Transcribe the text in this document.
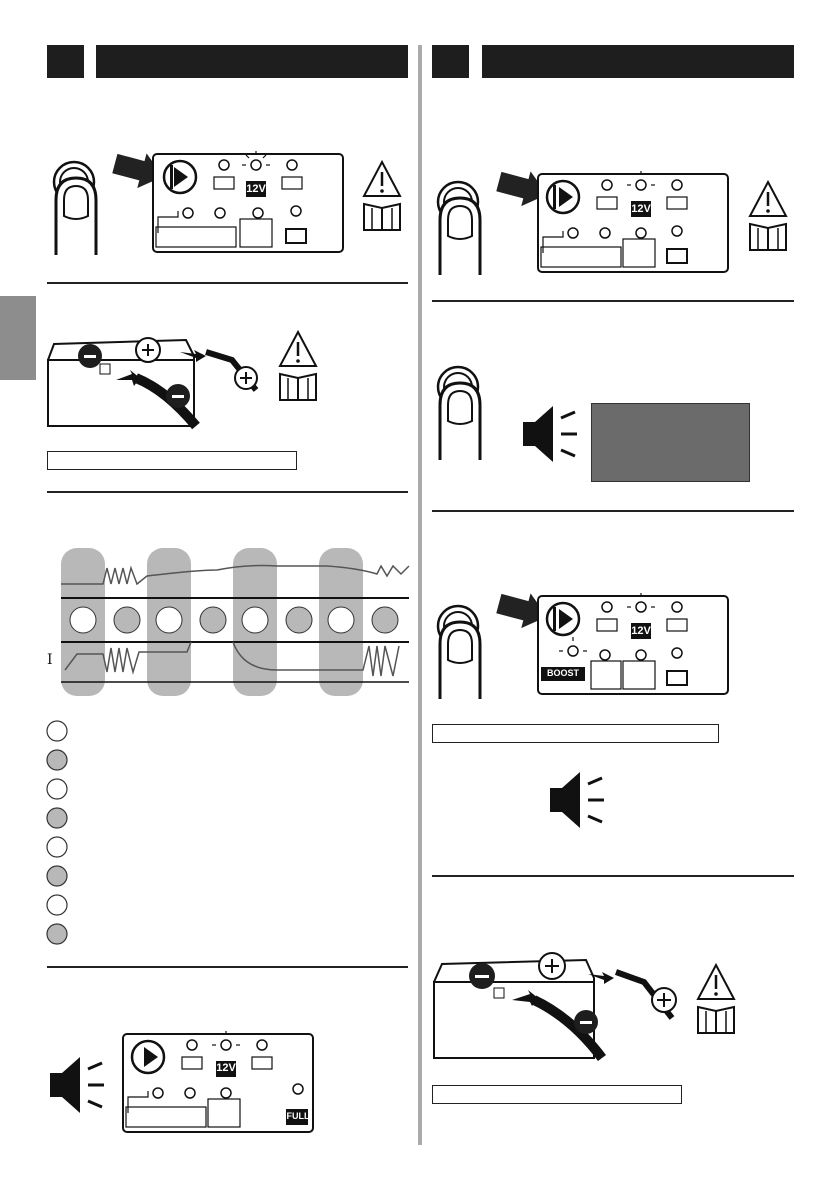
12V
I
12V
FULL
12V
12V
BOOST
